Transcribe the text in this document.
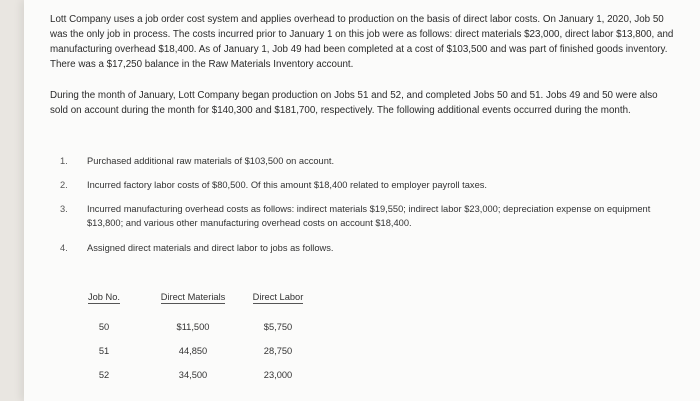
Lott Company uses a job order cost system and applies overhead to production on the basis of direct labor costs. On January 1, 2020, Job 50 was the only job in process. The costs incurred prior to January 1 on this job were as follows: direct materials $23,000, direct labor $13,800, and manufacturing overhead $18,400. As of January 1, Job 49 had been completed at a cost of $103,500 and was part of finished goods inventory. There was a $17,250 balance in the Raw Materials Inventory account.

During the month of January, Lott Company began production on Jobs 51 and 52, and completed Jobs 50 and 51. Jobs 49 and 50 were also sold on account during the month for $140,300 and $181,700, respectively. The following additional events occurred during the month.

1.	Purchased additional raw materials of $103,500 on account.
2.	Incurred factory labor costs of $80,500. Of this amount $18,400 related to employer payroll taxes.
3.	Incurred manufacturing overhead costs as follows: indirect materials $19,550; indirect labor $23,000; depreciation expense on equipment $13,800; and various other manufacturing overhead costs on account $18,400.
4.	Assigned direct materials and direct labor to jobs as follows.
Job No.	Direct Materials	Direct Labor
50	$11,500	$5,750
51	44,850	28,750
52	34,500	23,000
